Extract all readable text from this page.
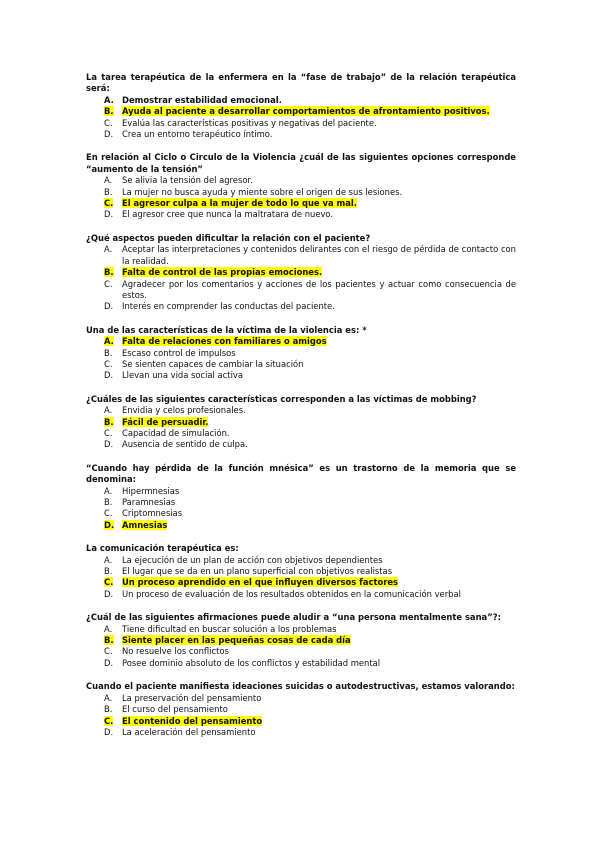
La tarea terapéutica de la enfermera en la “fase de trabajo” de la relación terapéutica será:
A. Demostrar estabilidad emocional.
B.	Ayuda al paciente a desarrollar comportamientos de afrontamiento positivos.
C.	Evalúa las características positivas y negativas del paciente.
D.	Crea un entorno terapéutico íntimo.
En relación al Ciclo o Circulo de la Violencia ¿cuál de las siguientes opciones corresponde “aumento de la tensión”
A.	Se alivia la tensión del agresor.
B.	La mujer no busca ayuda y miente sobre el origen de sus lesiones.
C.	El agresor culpa a la mujer de todo lo que va mal.
D.	El agresor cree que nunca la maltratara de nuevo.
¿Qué aspectos pueden dificultar la relación con el paciente?
A.	Aceptar las interpretaciones y contenidos delirantes con el riesgo de pérdida de contacto con la realidad.
B.	Falta de control de las propias emociones.
C.	Agradecer por los comentarios y acciones de los pacientes y actuar como consecuencia de estos.
D.	Interés en comprender las conductas del paciente.
Una de las características de la víctima de la violencia es: *
A. Falta de relaciones con familiares o amigos
B.	Escaso control de impulsos
C.	Se sienten capaces de cambiar la situación
D.	Llevan una vida social activa
¿Cuáles de las siguientes características corresponden a las víctimas de mobbing?
A.	Envidia y celos profesionales.
B.	Fácil de persuadir.
C.	Capacidad de simulación.
D.	Ausencia de sentido de culpa.
“Cuando hay pérdida de la función mnésica” es un trastorno de la memoria que se denomina:
A.	Hipermnesias
B.	Paramnesias
C.	Criptomnesias
D. Amnesias
La comunicación terapéutica es:
A.	La ejecución de un plan de acción con objetivos dependientes
B.	El lugar que se da en un plano superficial con objetivos realistas
C.	Un proceso aprendido en el que influyen diversos factores
D.	Un proceso de evaluación de los resultados obtenidos en la comunicación verbal
¿Cuál de las siguientes afirmaciones puede aludir a “una persona mentalmente sana”?:
A.	Tiene dificultad en buscar solución a los problemas
B.	Siente placer en las pequeñas cosas de cada día
C.	No resuelve los conflictos
D.	Posee dominio absoluto de los conflictos y estabilidad mental
Cuando el paciente manifiesta ideaciones suicidas o autodestructivas, estamos valorando:
A.	La preservación del pensamiento
B.	El curso del pensamiento
C.	El contenido del pensamiento
D.	La aceleración del pensamiento
